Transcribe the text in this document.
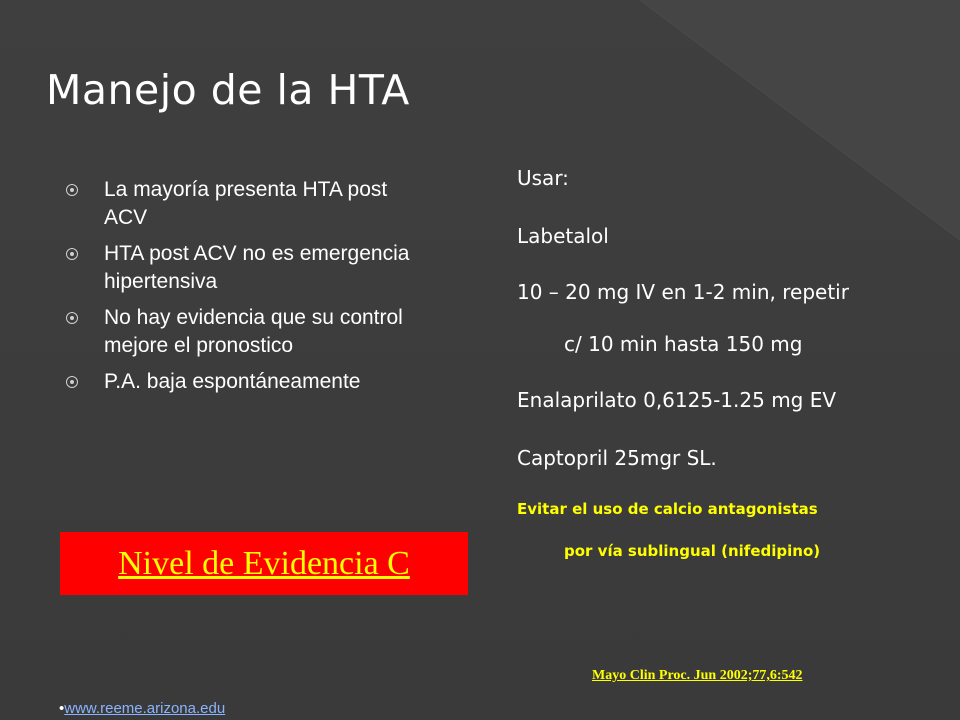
Manejo de la HTA
La mayoría presenta HTA post ACV
HTA post ACV no es emergencia hipertensiva
No hay evidencia que su control mejore el pronostico
P.A. baja espontáneamente
Usar:
Labetalol
10 – 20 mg IV en 1-2 min, repetir
c/ 10 min hasta 150 mg
Enalaprilato 0,6125-1.25 mg EV
Captopril 25mgr SL.
Evitar el uso de calcio antagonistas
por vía sublingual (nifedipino)
Nivel de Evidencia C
Mayo Clin Proc. Jun 2002;77,6:542
•www.reeme.arizona.edu
